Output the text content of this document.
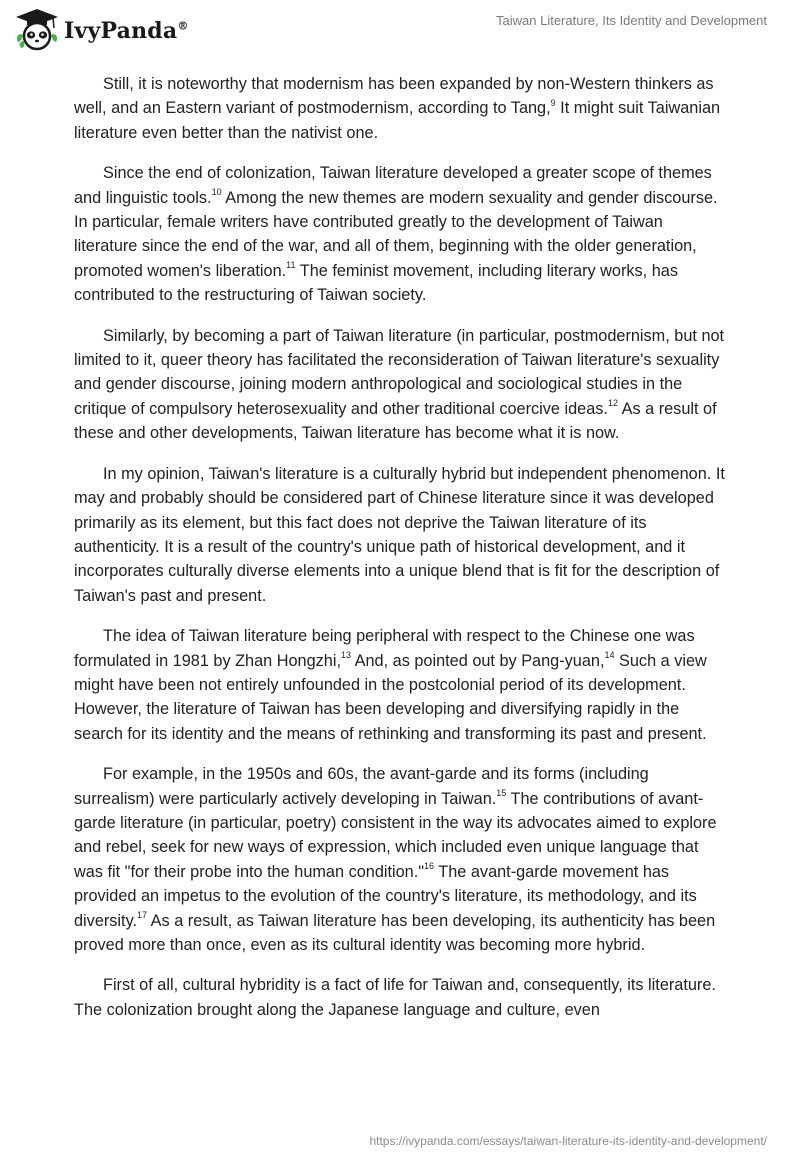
IvyPanda®	Taiwan Literature, Its Identity and Development

Still, it is noteworthy that modernism has been expanded by non-Western thinkers as well, and an Eastern variant of postmodernism, according to Tang,$^9$ It might suit Taiwanian literature even better than the nativist one.

Since the end of colonization, Taiwan literature developed a greater scope of themes and linguistic tools.$^{10}$ Among the new themes are modern sexuality and gender discourse. In particular, female writers have contributed greatly to the development of Taiwan literature since the end of the war, and all of them, beginning with the older generation, promoted women's liberation.$^{11}$ The feminist movement, including literary works, has contributed to the restructuring of Taiwan society.

Similarly, by becoming a part of Taiwan literature (in particular, postmodernism, but not limited to it, queer theory has facilitated the reconsideration of Taiwan literature's sexuality and gender discourse, joining modern anthropological and sociological studies in the critique of compulsory heterosexuality and other traditional coercive ideas.$^{12}$ As a result of these and other developments, Taiwan literature has become what it is now.

In my opinion, Taiwan's literature is a culturally hybrid but independent phenomenon. It may and probably should be considered part of Chinese literature since it was developed primarily as its element, but this fact does not deprive the Taiwan literature of its authenticity. It is a result of the country's unique path of historical development, and it incorporates culturally diverse elements into a unique blend that is fit for the description of Taiwan's past and present.

The idea of Taiwan literature being peripheral with respect to the Chinese one was formulated in 1981 by Zhan Hongzhi,$^{13}$ And, as pointed out by Pang-yuan,$^{14}$ Such a view might have been not entirely unfounded in the postcolonial period of its development. However, the literature of Taiwan has been developing and diversifying rapidly in the search for its identity and the means of rethinking and transforming its past and present.

For example, in the 1950s and 60s, the avant-garde and its forms (including surrealism) were particularly actively developing in Taiwan.$^{15}$ The contributions of avant-garde literature (in particular, poetry) consistent in the way its advocates aimed to explore and rebel, seek for new ways of expression, which included even unique language that was fit "for their probe into the human condition."$^{16}$ The avant-garde movement has provided an impetus to the evolution of the country's literature, its methodology, and its diversity.$^{17}$ As a result, as Taiwan literature has been developing, its authenticity has been proved more than once, even as its cultural identity was becoming more hybrid.

First of all, cultural hybridity is a fact of life for Taiwan and, consequently, its literature. The colonization brought along the Japanese language and culture, even

https://ivypanda.com/essays/taiwan-literature-its-identity-and-development/
